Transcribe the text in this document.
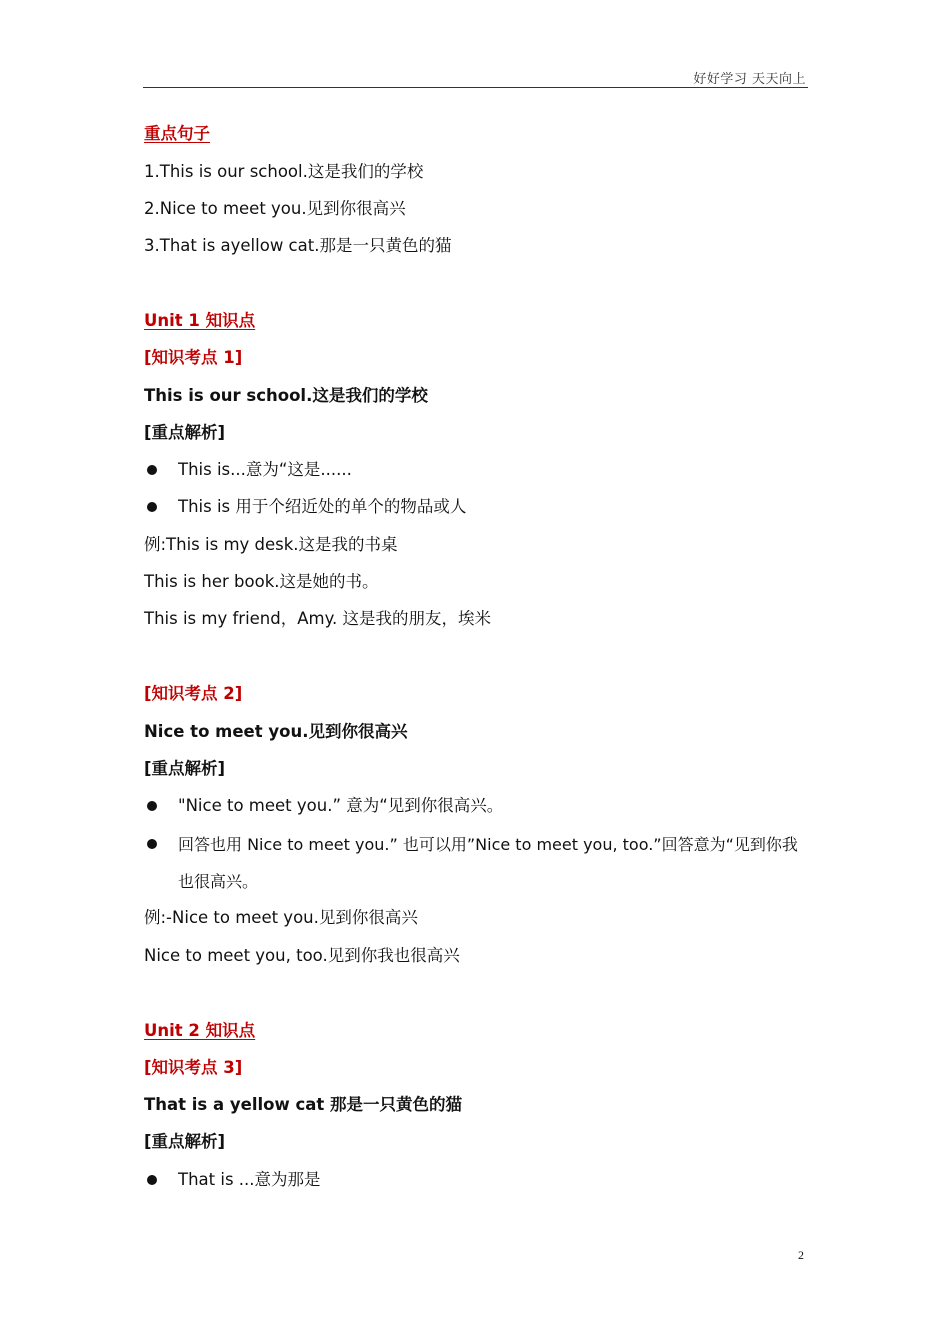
好好学习 天天向上
重点句子
1.This is our school.这是我们的学校
2.Nice to meet you.见到你很高兴
3.That is ayellow cat.那是一只黄色的猫
Unit 1 知识点
[知识考点 1]
This is our school.这是我们的学校
[重点解析]
This is...意为“这是......
This is 用于个绍近处的单个的物品或人
例:This is my desk.这是我的书桌
This is her book.这是她的书。
This is my friend，Amy. 这是我的朋友，埃米
[知识考点 2]
Nice to meet you.见到你很高兴
[重点解析]
"Nice to meet you.” 意为“见到你很高兴。
回答也用 Nice to meet you.” 也可以用”Nice to meet you, too.”回答意为“见到你我也很高兴。
例:-Nice to meet you.见到你很高兴
Nice to meet you, too.见到你我也很高兴
Unit 2 知识点
[知识考点 3]
That is a yellow cat 那是一只黄色的猫
[重点解析]
That is ...意为那是
2
